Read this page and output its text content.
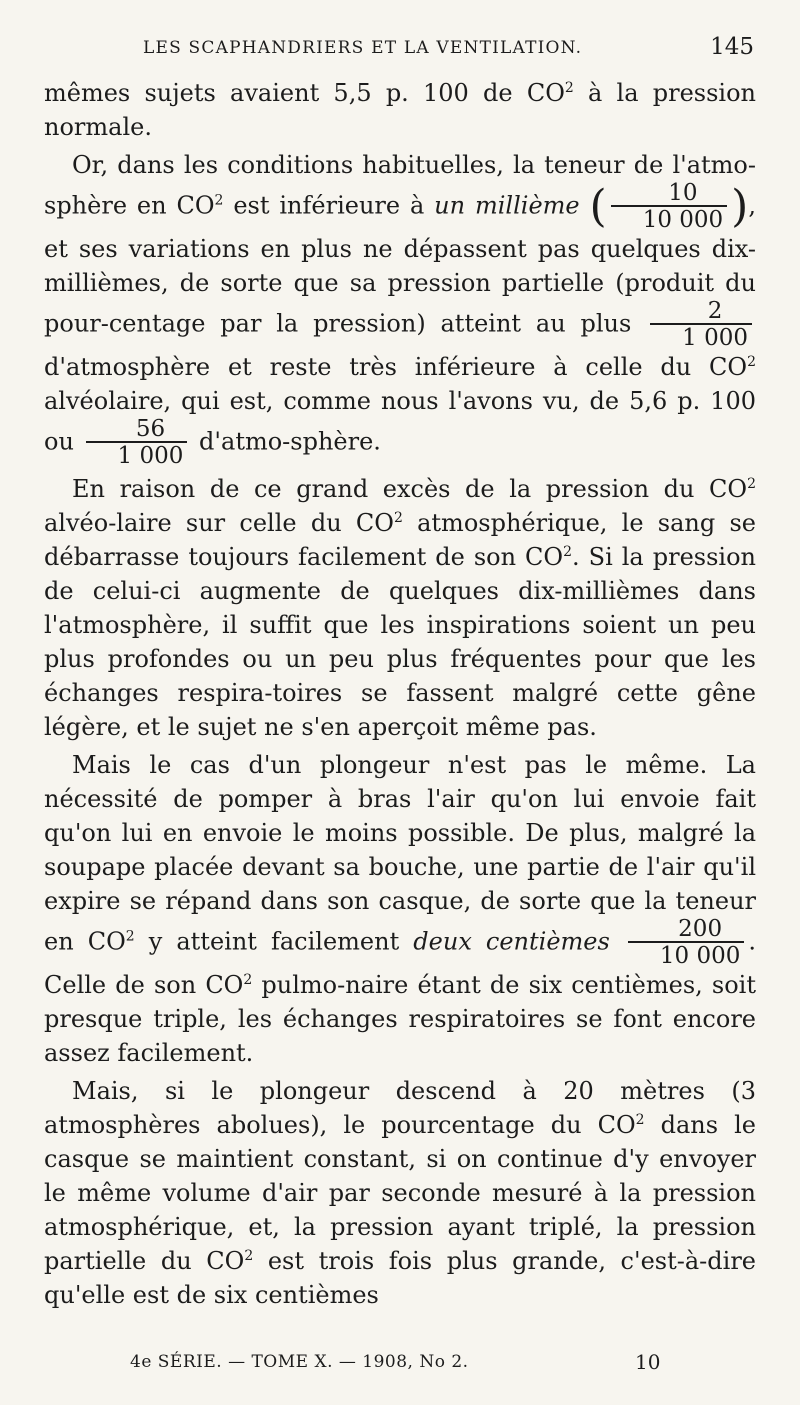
LES SCAPHANDRIERS ET LA VENTILATION.	145

mêmes sujets avaient 5,5 p. 100 de $CO^2$ à la pression normale.

Or, dans les conditions habituelles, la teneur de l'atmo-sphère en $CO^2$ est inférieure à un millième ( $\frac{10}{10 000}$ ), et ses variations en plus ne dépassent pas quelques dix-millièmes, de sorte que sa pression partielle (produit du pour-centage par la pression) atteint au plus $\frac{2}{1 000}$
d'atmosphère et reste très inférieure à celle du $CO^2$ alvéolaire, qui est, comme nous l'avons vu, de 5,6 p. 100 ou $\frac{56}{1 000}$ d'atmo-sphère.

En raison de ce grand excès de la pression du $CO^2$ alvéo-laire sur celle du $CO^2$ atmosphérique, le sang se débarrasse toujours facilement de son $CO^2$. Si la pression de celui-ci augmente de quelques dix-millièmes dans l'atmosphère, il suffit que les inspirations soient un peu plus profondes ou un peu plus fréquentes pour que les échanges respira-toires se fassent malgré cette gêne légère, et le sujet ne s'en aperçoit même pas.

Mais le cas d'un plongeur n'est pas le même. La nécessité de pomper à bras l'air qu'on lui envoie fait qu'on lui en envoie le moins possible. De plus, malgré la soupape placée devant sa bouche, une partie de l'air qu'il expire se répand dans son casque, de sorte que la teneur en $CO^2$ y atteint facilement deux centièmes $\frac{200}{10 000}$ . Celle de son $CO^2$ pulmo-naire étant de six centièmes, soit presque triple, les échanges respiratoires se font encore assez facilement.

Mais, si le plongeur descend à 20 mètres (3 atmosphères abolues), le pourcentage du $CO^2$ dans le casque se maintient constant, si on continue d'y envoyer le même volume d'air par seconde mesuré à la pression atmosphérique, et, la pression ayant triplé, la pression partielle du $CO^2$ est trois fois plus grande, c'est-à-dire qu'elle est de six centièmes

4e SÉRIE. — TOME X. — 1908, No 2.	10
